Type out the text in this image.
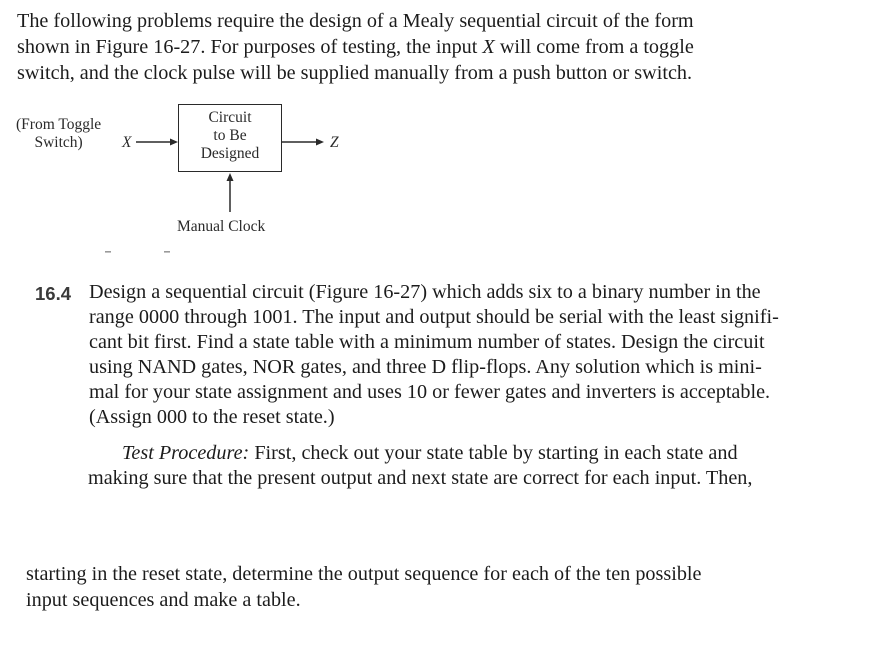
The following problems require the design of a Mealy sequential circuit of the form
shown in Figure 16-27. For purposes of testing, the input X will come from a toggle
switch, and the clock pulse will be supplied manually from a push button or switch.
(From Toggle
Switch)	X
Circuit
to Be
Designed
Z
Manual Clock
16.4 Design a sequential circuit (Figure 16-27) which adds six to a binary number in the
range 0000 through 1001. The input and output should be serial with the least signifi-
cant bit first. Find a state table with a minimum number of states. Design the circuit
using NAND gates, NOR gates, and three D flip-flops. Any solution which is mini-
mal for your state assignment and uses 10 or fewer gates and inverters is acceptable.
(Assign 000 to the reset state.)
Test Procedure: First, check out your state table by starting in each state and
making sure that the present output and next state are correct for each input. Then,
starting in the reset state, determine the output sequence for each of the ten possible
input sequences and make a table.
